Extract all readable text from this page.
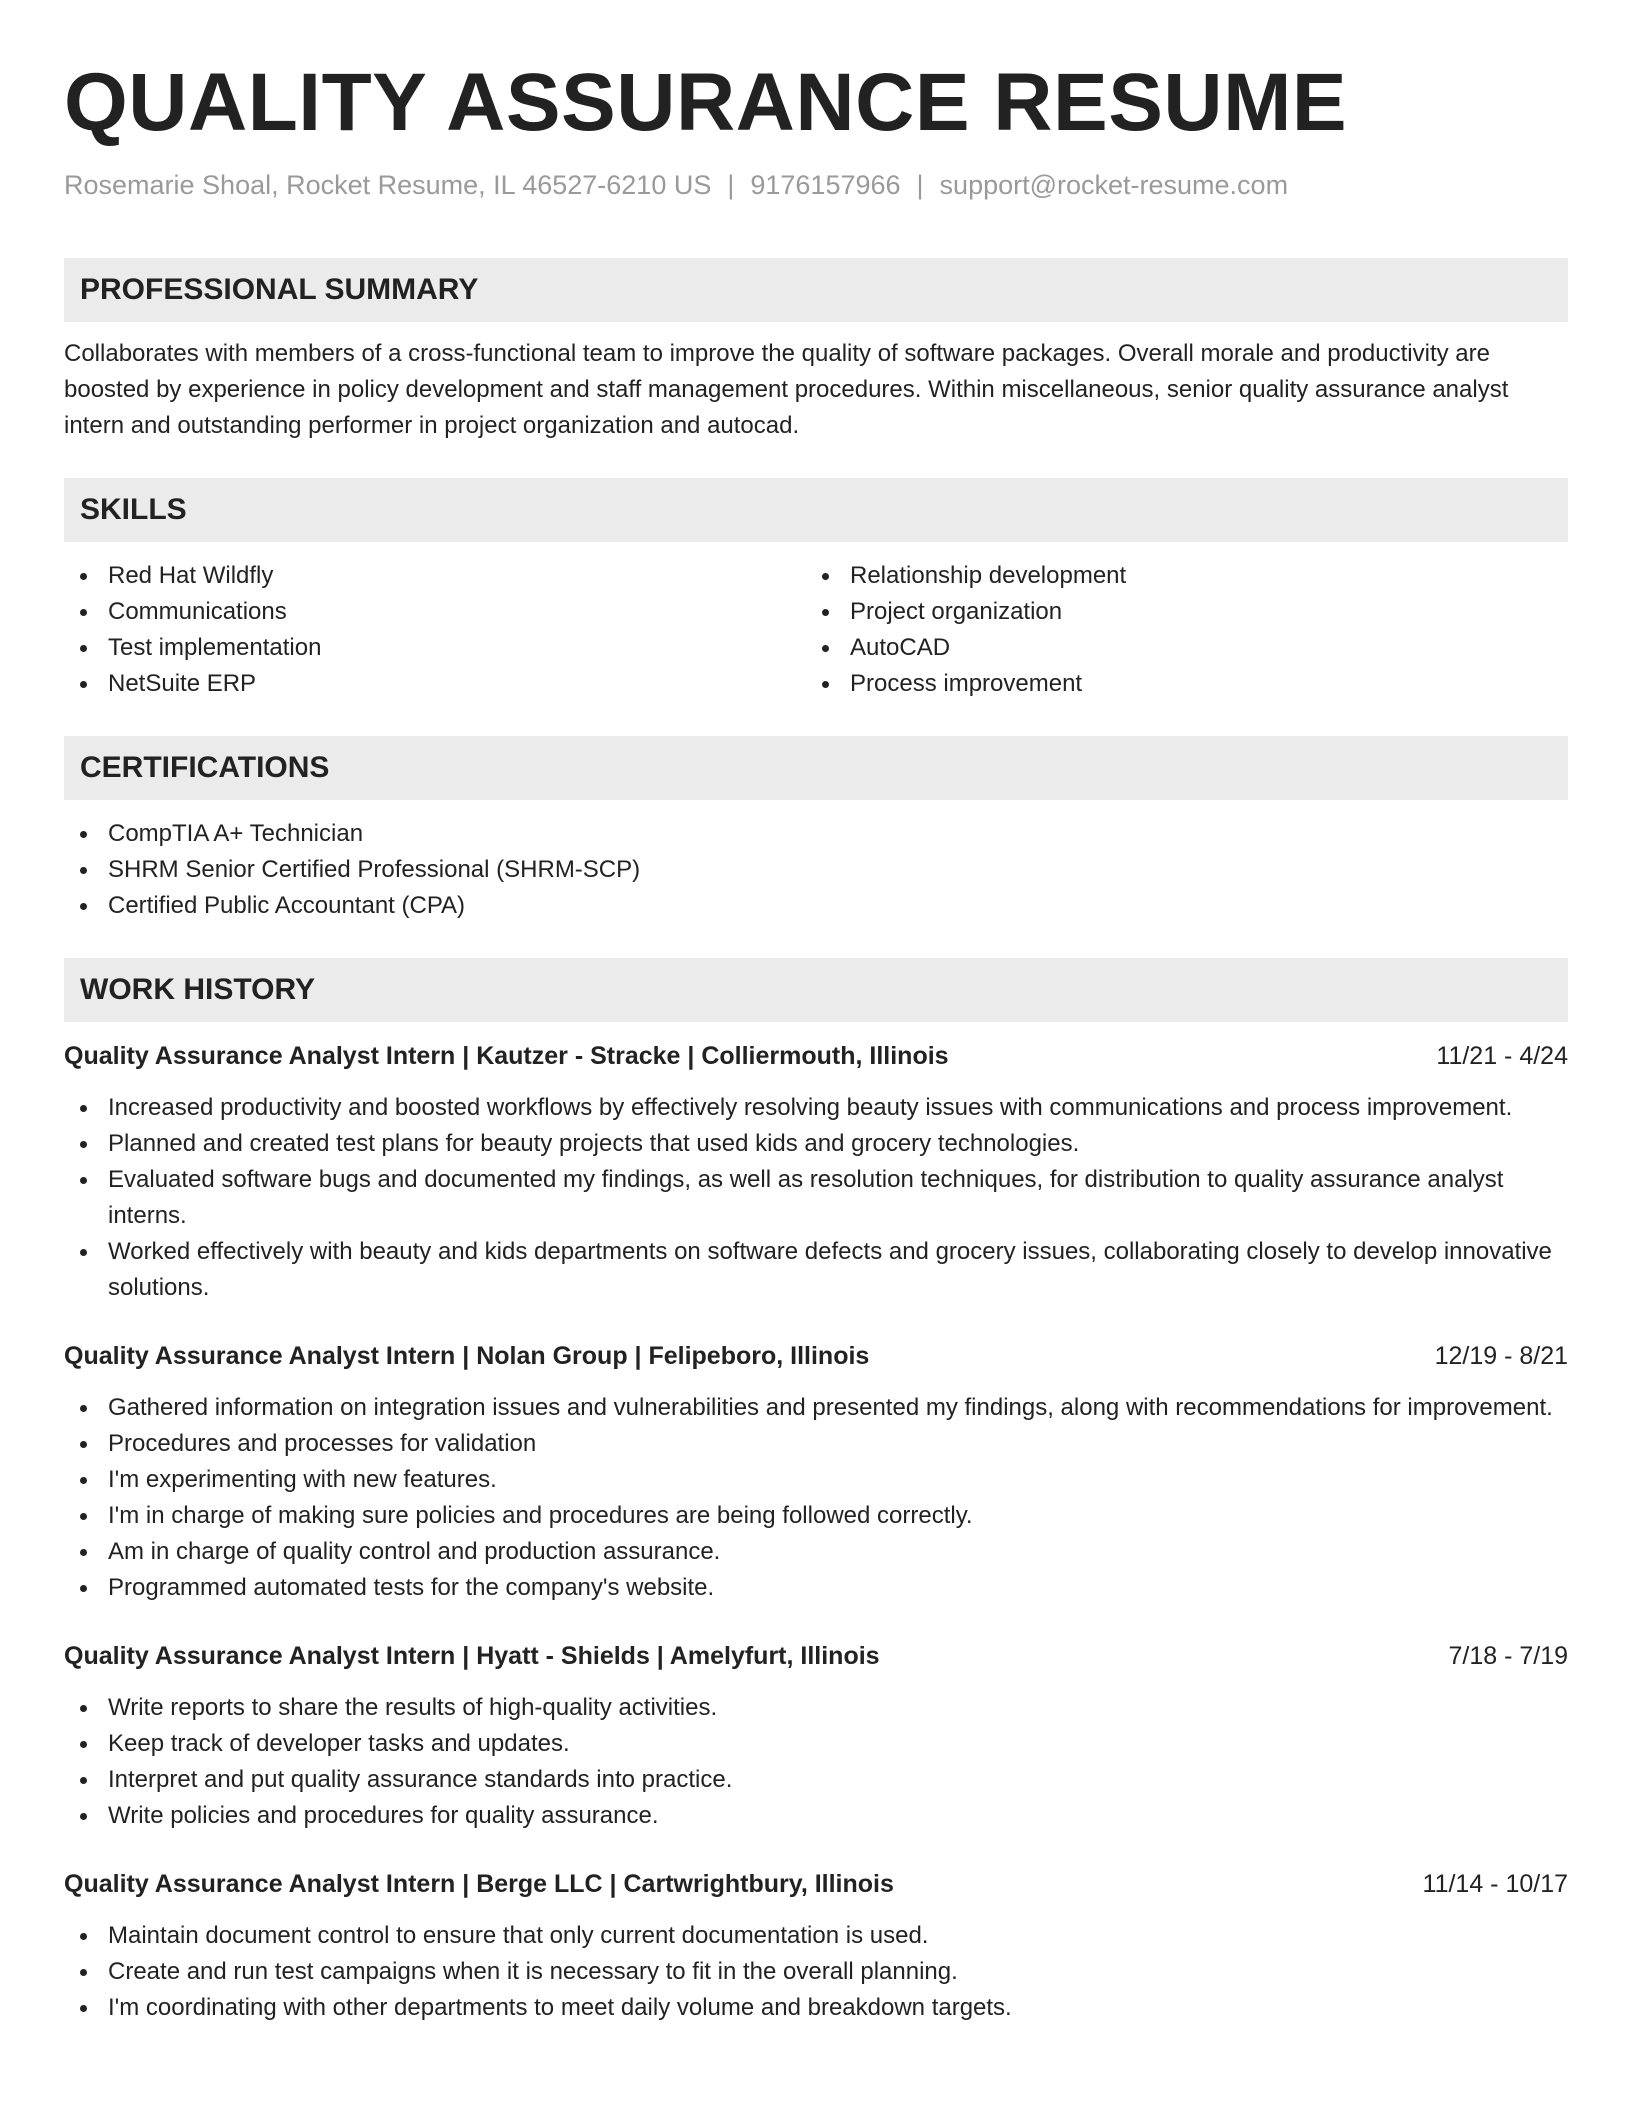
QUALITY ASSURANCE RESUME
Rosemarie Shoal, Rocket Resume, IL 46527-6210 US | 9176157966 | support@rocket-resume.com
PROFESSIONAL SUMMARY

Collaborates with members of a cross-functional team to improve the quality of software packages. Overall morale and productivity are boosted by experience in policy development and staff management procedures. Within miscellaneous, senior quality assurance analyst intern and outstanding performer in project organization and autocad.

SKILLS
Red Hat Wildfly
Communications
Test implementation
NetSuite ERP
Relationship development
Project organization
AutoCAD
Process improvement
CERTIFICATIONS
CompTIA A+ Technician
SHRM Senior Certified Professional (SHRM-SCP)
Certified Public Accountant (CPA)
WORK HISTORY
Quality Assurance Analyst Intern | Kautzer - Stracke | Colliermouth, Illinois	11/21 - 4/24
Increased productivity and boosted workflows by effectively resolving beauty issues with communications and process improvement.
Planned and created test plans for beauty projects that used kids and grocery technologies.
Evaluated software bugs and documented my findings, as well as resolution techniques, for distribution to quality assurance analyst interns.
Worked effectively with beauty and kids departments on software defects and grocery issues, collaborating closely to develop innovative solutions.
Quality Assurance Analyst Intern | Nolan Group | Felipeboro, Illinois	12/19 - 8/21
Gathered information on integration issues and vulnerabilities and presented my findings, along with recommendations for improvement.
Procedures and processes for validation
I'm experimenting with new features.
I'm in charge of making sure policies and procedures are being followed correctly.
Am in charge of quality control and production assurance.
Programmed automated tests for the company's website.
Quality Assurance Analyst Intern | Hyatt - Shields | Amelyfurt, Illinois	7/18 - 7/19
Write reports to share the results of high-quality activities.
Keep track of developer tasks and updates.
Interpret and put quality assurance standards into practice.
Write policies and procedures for quality assurance.
Quality Assurance Analyst Intern | Berge LLC | Cartwrightbury, Illinois	11/14 - 10/17
Maintain document control to ensure that only current documentation is used.
Create and run test campaigns when it is necessary to fit in the overall planning.
I'm coordinating with other departments to meet daily volume and breakdown targets.
